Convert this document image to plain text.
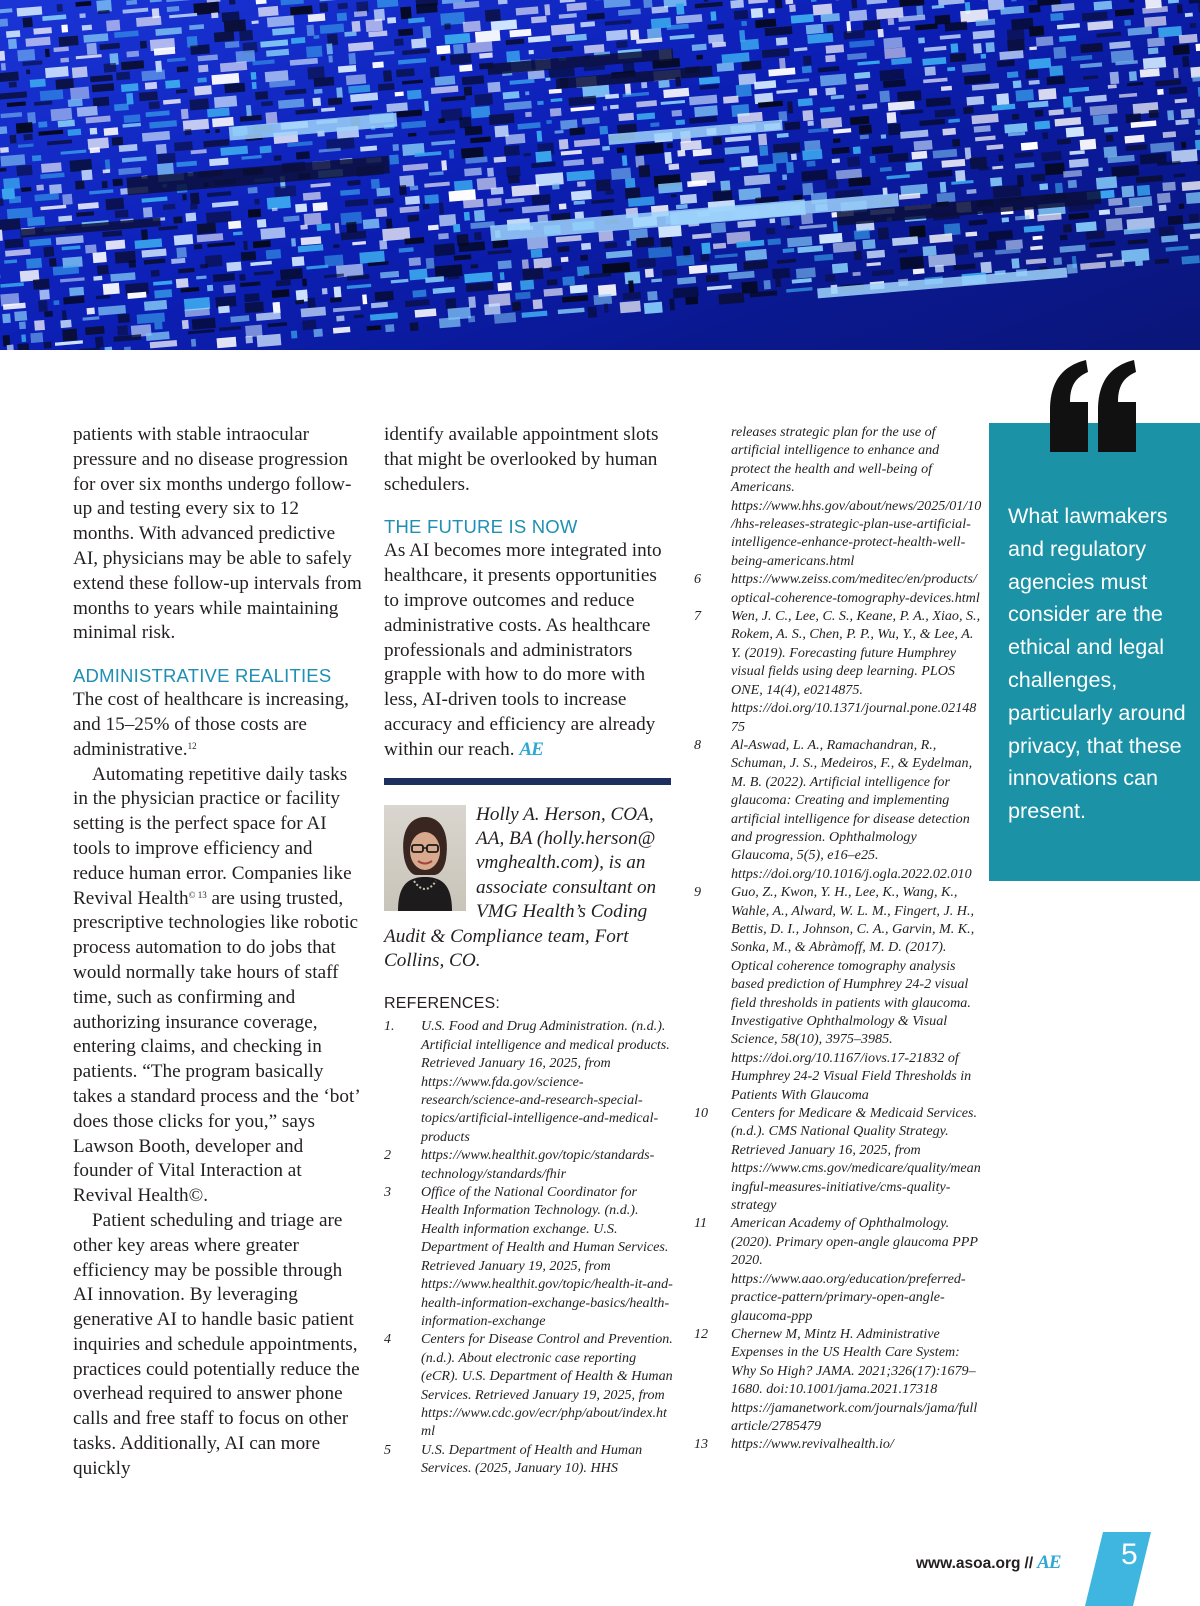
patients with stable intraocular pressure and no disease progression for over six months undergo follow-up and testing every six to 12 months. With advanced predictive AI, physicians may be able to safely extend these follow-up intervals from months to years while maintaining minimal risk.

ADMINISTRATIVE REALITIES

The cost of healthcare is increasing, and 15–25% of those costs are administrative.$^{12}$

Automating repetitive daily tasks in the physician practice or facility setting is the perfect space for AI tools to improve efficiency and reduce human error. Companies like Revival Health$^{© 13}$ are using trusted, prescriptive technologies like robotic process automation to do jobs that would normally take hours of staff time, such as confirming and authorizing insurance coverage, entering claims, and checking in patients. “The program basically takes a standard process and the ‘bot’ does those clicks for you,” says Lawson Booth, developer and founder of Vital Interaction at Revival Health©.

Patient scheduling and triage are other key areas where greater efficiency may be possible through AI innovation. By leveraging generative AI to handle basic patient inquiries and schedule appointments, practices could potentially reduce the overhead required to answer phone calls and free staff to focus on other tasks. Additionally, AI can more quickly

identify available appointment slots that might be overlooked by human schedulers.

THE FUTURE IS NOW

As AI becomes more integrated into healthcare, it presents opportunities to improve outcomes and reduce administrative costs. As healthcare professionals and administrators grapple with how to do more with less, AI-driven tools to increase accuracy and efficiency are already within our reach. AE

Holly A. Herson, COA, AA, BA (holly.herson@ vmghealth.com), is an associate consultant on VMG Health’s Coding Audit & Compliance team, Fort Collins, CO.
REFERENCES:
1.	U.S. Food and Drug Administration. (n.d.). Artificial intelligence and medical products. Retrieved January 16, 2025, from https://www.fda.gov/science-research/science-and-research-special-topics/artificial-intelligence-and-medical-products
2	https://www.healthit.gov/topic/standards-technology/standards/fhir
3	Office of the National Coordinator for Health Information Technology. (n.d.). Health information exchange. U.S. Department of Health and Human Services. Retrieved January 19, 2025, from https://www.healthit.gov/topic/health-it-and-health-information-exchange-basics/health-information-exchange
4	Centers for Disease Control and Prevention. (n.d.). About electronic case reporting (eCR). U.S. Department of Health & Human Services. Retrieved January 19, 2025, from https://www.cdc.gov/ecr/php/about/index.html
5	U.S. Department of Health and Human Services. (2025, January 10). HHS
releases strategic plan for the use of artificial intelligence to enhance and protect the health and well-being of Americans. https://www.hhs.gov/about/news/2025/01/10/hhs-releases-strategic-plan-use-artificial-intelligence-enhance-protect-health-well-being-americans.html
6	https://www.zeiss.com/meditec/en/products/optical-coherence-tomography-devices.html
7	Wen, J. C., Lee, C. S., Keane, P. A., Xiao, S., Rokem, A. S., Chen, P. P., Wu, Y., & Lee, A. Y. (2019). Forecasting future Humphrey visual fields using deep learning. PLOS ONE, 14(4), e0214875. https://doi.org/10.1371/journal.pone.0214875
8	Al-Aswad, L. A., Ramachandran, R., Schuman, J. S., Medeiros, F., & Eydelman, M. B. (2022). Artificial intelligence for glaucoma: Creating and implementing artificial intelligence for disease detection and progression. Ophthalmology Glaucoma, 5(5), e16–e25. https://doi.org/10.1016/j.ogla.2022.02.010
9	Guo, Z., Kwon, Y. H., Lee, K., Wang, K., Wahle, A., Alward, W. L. M., Fingert, J. H., Bettis, D. I., Johnson, C. A., Garvin, M. K., Sonka, M., & Abràmoff, M. D. (2017). Optical coherence tomography analysis based prediction of Humphrey 24-2 visual field thresholds in patients with glaucoma. Investigative Ophthalmology & Visual Science, 58(10), 3975–3985. https://doi.org/10.1167/iovs.17-21832 of Humphrey 24-2 Visual Field Thresholds in Patients With Glaucoma
10	Centers for Medicare & Medicaid Services. (n.d.). CMS National Quality Strategy. Retrieved January 16, 2025, from https://www.cms.gov/medicare/quality/meaningful-measures-initiative/cms-quality-strategy
11	American Academy of Ophthalmology. (2020). Primary open-angle glaucoma PPP 2020. https://www.aao.org/education/preferred-practice-pattern/primary-open-angle-glaucoma-ppp
12	Chernew M, Mintz H. Administrative Expenses in the US Health Care System: Why So High? JAMA. 2021;326(17):1679–1680. doi:10.1001/jama.2021.17318 https://jamanetwork.com/journals/jama/fullarticle/2785479
13	https://www.revivalhealth.io/
What lawmakers and regulatory agencies must consider are the ethical and legal challenges, particularly around privacy, that these innovations can present.
www.asoa.org // AE 5
